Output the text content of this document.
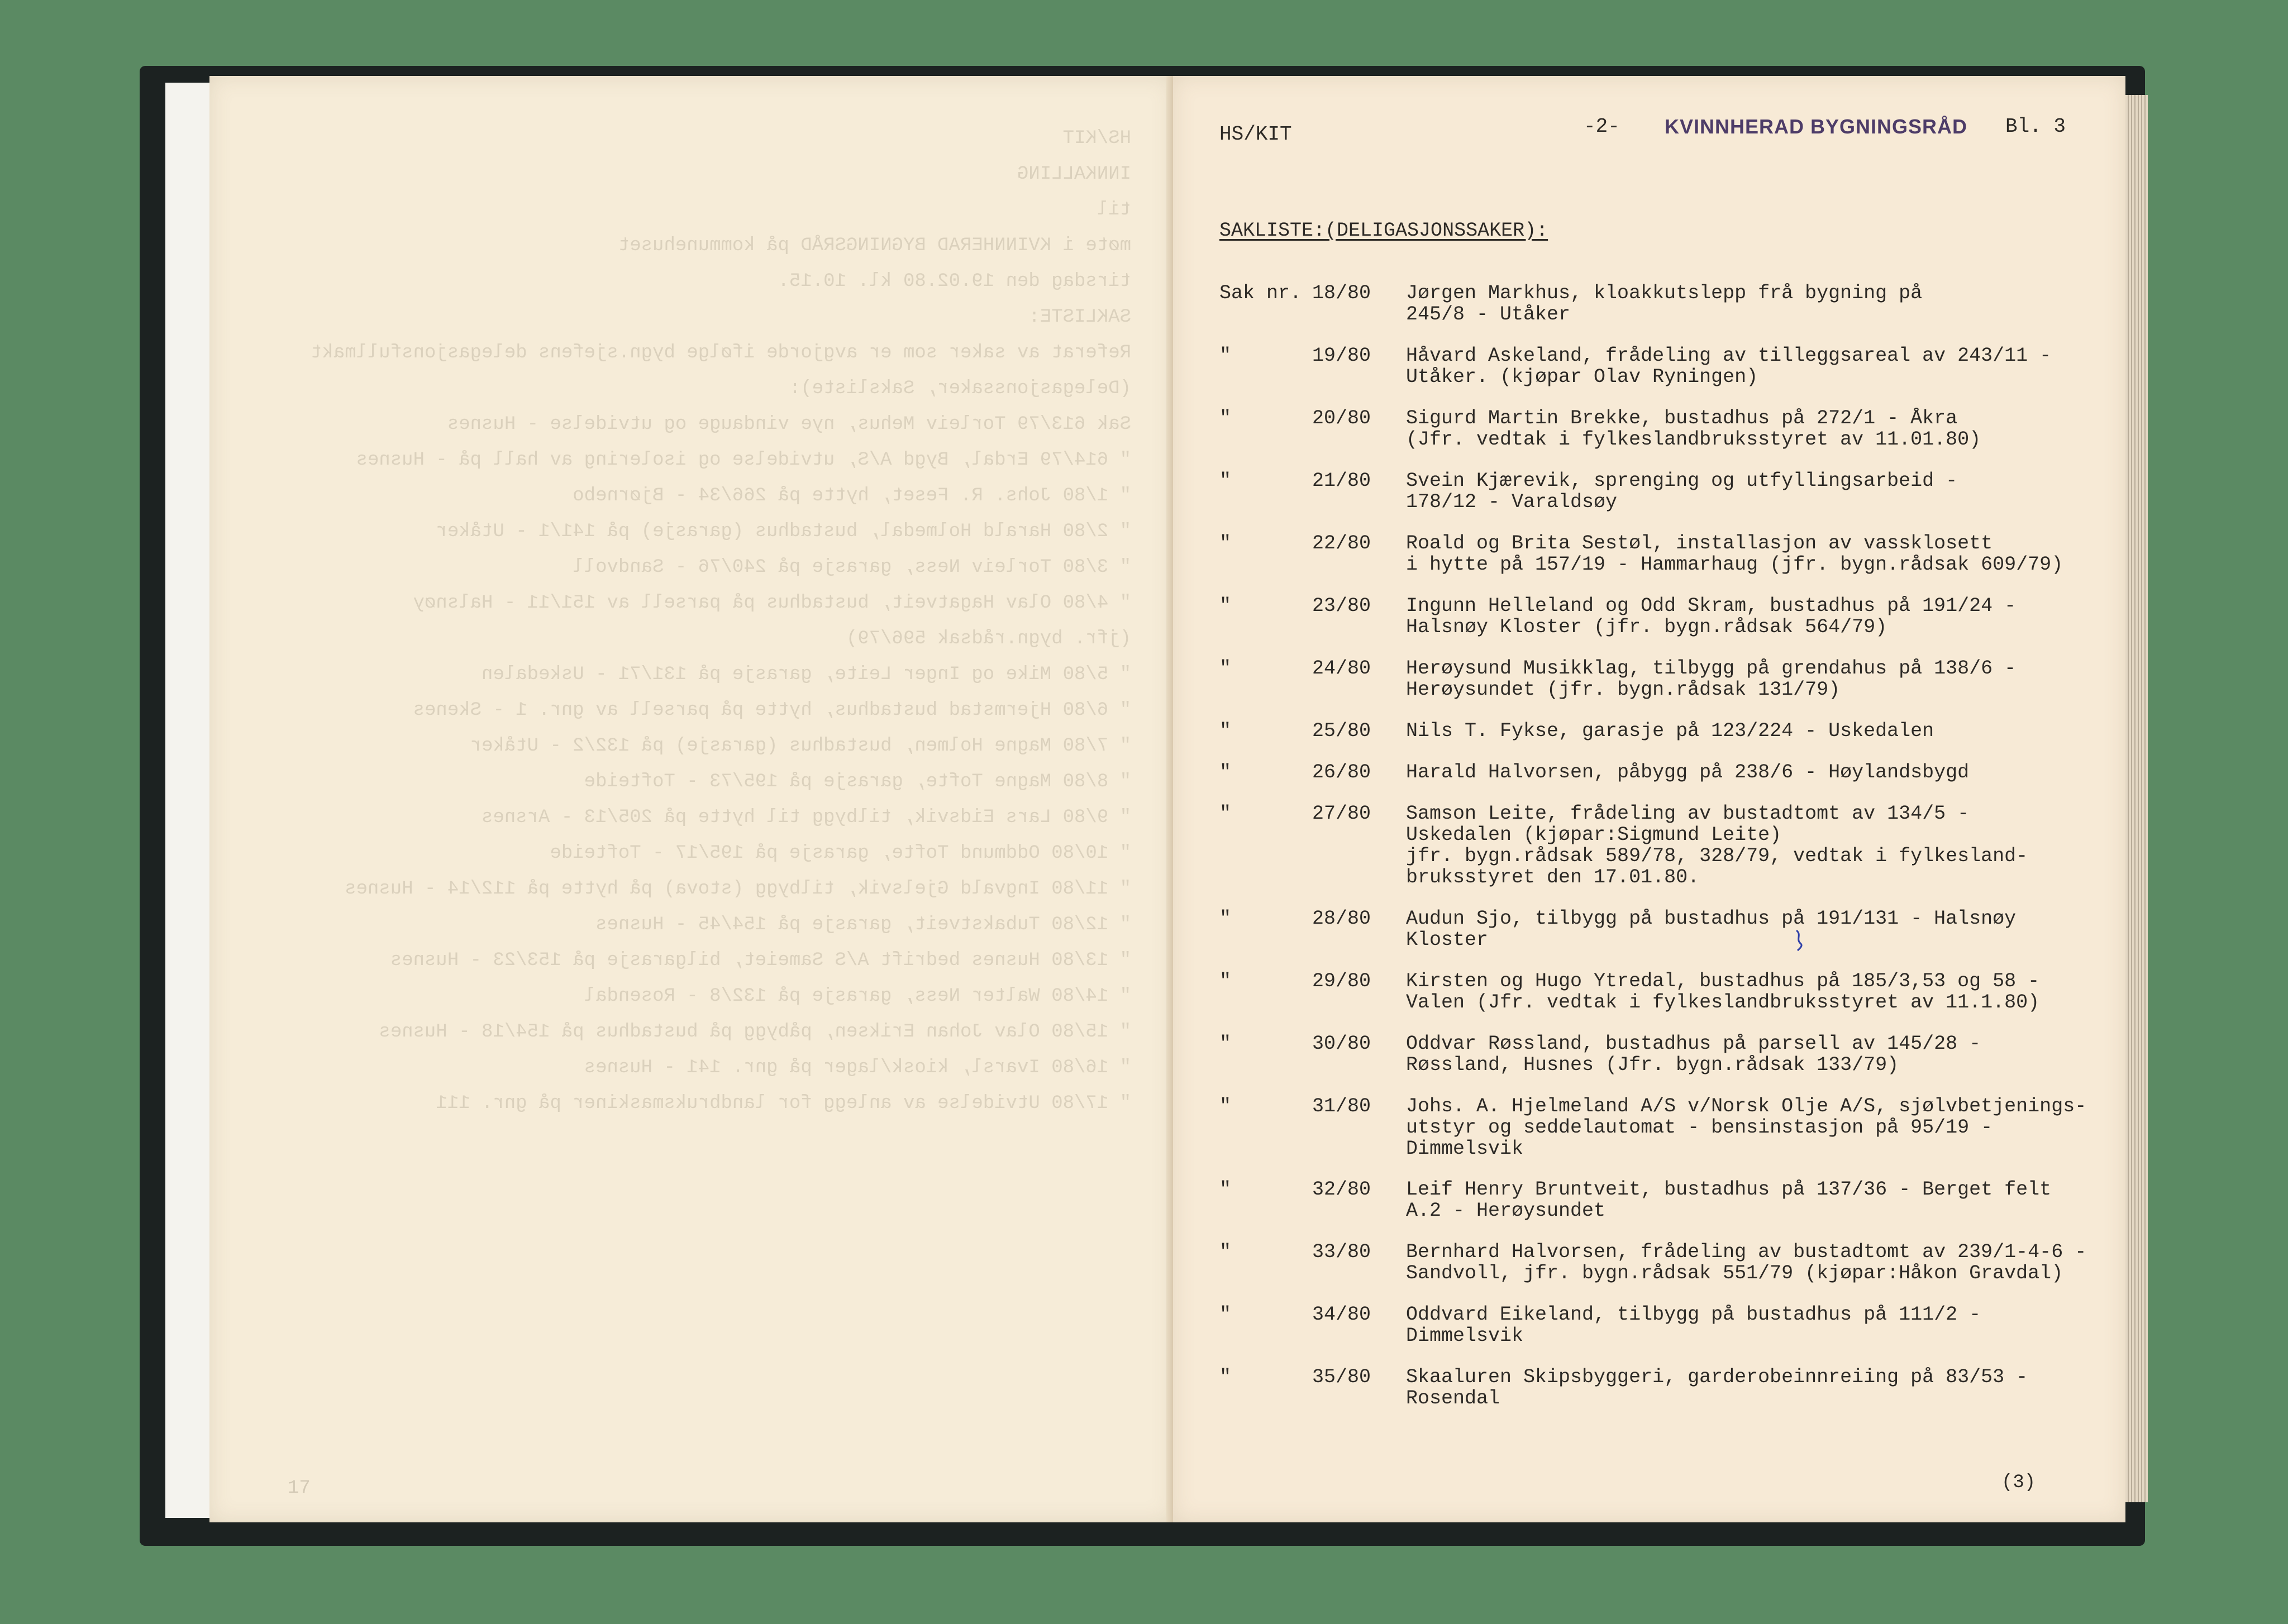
HS/KIT
INNKALLING
til
møte i KVINNHERAD BYGNINGSRÅD på kommunehuset
tirsdag den 19.02.80 kl. 10.15.
SAKLISTE:
Referat av saker som er avgjorde ifølge bygn.sjefens delegasjonsfullmakt
(Delegasjonssaker, Saksliste):
Sak 613/79 Torleiv Mehus, nye vindauge og utvidelse - Husnes
" 614/79 Erdal, Bygd A/S, utvidelse og isolering av hall på - Husnes
" 1/80 Johs. R. Feset, hytte på 266/34 - Bjørnebo
" 2/80 Harald Holmedal, bustadhus (garasje) på 141/1 - Utåker
" 3/80 Torleiv Ness, garasje på 240/76 - Sandvoll
" 4/80 Olav Hagatveit, bustadhus på parsell av 151/11 - Halsnøy
(jfr. bygn.rådsak 596/79)
" 5/80 Mike og Inger Leite, garasje på 131/71 - Uskedalen
" 6/80 Hjermstad bustadhus, hytte på parsell av gnr. 1 - Skenes
" 7/80 Magne Holmen, bustadhus (garasje) på 132/2 - Utåker
" 8/80 Magne Tofte, garasje på 195/73 - Tofteide
" 9/80 Lars Eidsvik, tilbygg til hytte på 205/13 - Arsnes
" 10/80 Oddmund Tofte, garasje på 195/17 - Tofteide
" 11/80 Ingvald Gjelsvik, tilbygg (stova) på hytte på 112/14 - Husnes
" 12/80 Tubakstveit, garasje på 154/45 - Husnes
" 13/80 Husnes bedrift A/S Sameiet, bilgarasje på 153/23 - Husnes
" 14/80 Walter Ness, garasje på 132/8 - Rosendal
" 15/80 Olav Johan Eriksen, påbygg på bustadhus på 154/18 - Husnes
" 16/80 Ivarsl, kiosk/lager på gnr. 141 - Husnes
" 17/80 Utvidelse av anlegg for landbruksmaskiner på gnr. 111
17
HS/KIT	-2- KVINNHERAD BYGNINGSRÅD Bl. 3
SAKLISTE:(DELIGASJONSSAKER):
Sak nr. 18/80 Jørgen Markhus, kloakkutslepp frå bygning på
245/8 - Utåker
"	19/80 Håvard Askeland, frådeling av tilleggsareal av 243/11 -
Utåker. (kjøpar Olav Ryningen)
"	20/80 Sigurd Martin Brekke, bustadhus på 272/1 - Åkra
(Jfr. vedtak i fylkeslandbruksstyret av 11.01.80)
"	21/80 Svein Kjærevik, sprenging og utfyllingsarbeid -
178/12 - Varaldsøy
"	22/80 Roald og Brita Sestøl, installasjon av vassklosett
i hytte på 157/19 - Hammarhaug (jfr. bygn.rådsak 609/79)
"	23/80 Ingunn Helleland og Odd Skram, bustadhus på 191/24 -
Halsnøy Kloster (jfr. bygn.rådsak 564/79)
"	24/80 Herøysund Musikklag, tilbygg på grendahus på 138/6 -
Herøysundet (jfr. bygn.rådsak 131/79)
"	25/80 Nils T. Fykse, garasje på 123/224 - Uskedalen
"	26/80 Harald Halvorsen, påbygg på 238/6 - Høylandsbygd
"	27/80 Samson Leite, frådeling av bustadtomt av 134/5 -
Uskedalen (kjøpar:Sigmund Leite)
jfr. bygn.rådsak 589/78, 328/79, vedtak i fylkesland-
bruksstyret den 17.01.80.
"	28/80 Audun Sjo, tilbygg på bustadhus på 191/131 - Halsnøy
Kloster
"	29/80 Kirsten og Hugo Ytredal, bustadhus på 185/3,53 og 58 -
Valen (Jfr. vedtak i fylkeslandbruksstyret av 11.1.80)
"	30/80 Oddvar Røssland, bustadhus på parsell av 145/28 -
Røssland, Husnes (Jfr. bygn.rådsak 133/79)
"	31/80 Johs. A. Hjelmeland A/S v/Norsk Olje A/S, sjølvbetjenings-
utstyr og seddelautomat - bensinstasjon på 95/19 -
Dimmelsvik
"	32/80 Leif Henry Bruntveit, bustadhus på 137/36 - Berget felt
A.2 - Herøysundet
"	33/80 Bernhard Halvorsen, frådeling av bustadtomt av 239/1-4-6 -
Sandvoll, jfr. bygn.rådsak 551/79 (kjøpar:Håkon Gravdal)
"	34/80 Oddvard Eikeland, tilbygg på bustadhus på 111/2 -
Dimmelsvik
"	35/80 Skaaluren Skipsbyggeri, garderobeinnreiing på 83/53 -
Rosendal
(3)
